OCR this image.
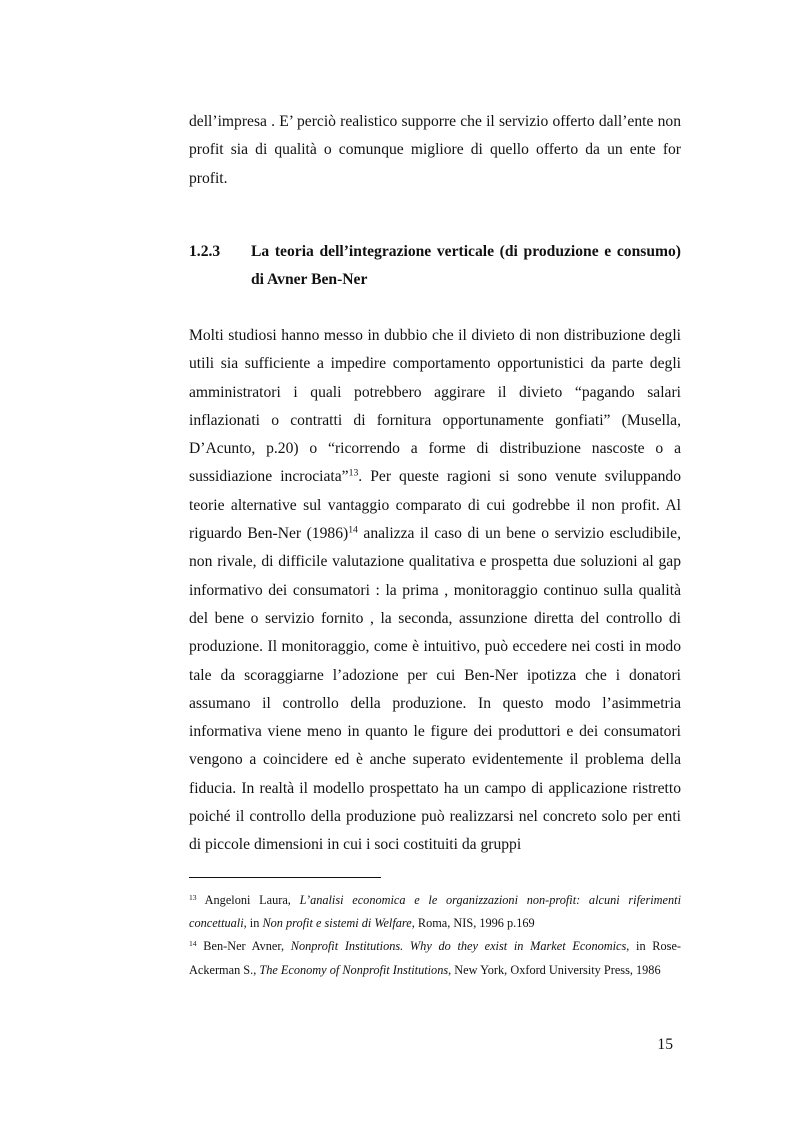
dell’impresa . E’ perciò realistico supporre che il servizio offerto dall’ente non profit sia di qualità o comunque migliore di quello offerto da un ente for profit.

1.2.3 La teoria dell’integrazione verticale (di produzione e consumo) di Avner Ben-Ner

Molti studiosi hanno messo in dubbio che il divieto di non distribuzione degli utili sia sufficiente a impedire comportamento opportunistici da parte degli amministratori i quali potrebbero aggirare il divieto “pagando salari inflazionati o contratti di fornitura opportunamente gonfiati” (Musella, D’Acunto, p.20) o “ricorrendo a forme di distribuzione nascoste o a sussidiazione incrociata”$^{13}$. Per queste ragioni si sono venute sviluppando teorie alternative sul vantaggio comparato di cui godrebbe il non profit. Al riguardo Ben-Ner $(1986)^{14}$ analizza il caso di un bene o servizio escludibile, non rivale, di difficile valutazione qualitativa e prospetta due soluzioni al gap informativo dei consumatori : la prima , monitoraggio continuo sulla qualità del bene o servizio fornito , la seconda, assunzione diretta del controllo di produzione. Il monitoraggio, come è intuitivo, può eccedere nei costi in modo tale da scoraggiarne l’adozione per cui Ben-Ner ipotizza che i donatori assumano il controllo della produzione. In questo modo l’asimmetria informativa viene meno in quanto le figure dei produttori e dei consumatori vengono a coincidere ed è anche superato evidentemente il problema della fiducia. In realtà il modello prospettato ha un campo di applicazione ristretto poiché il controllo della produzione può realizzarsi nel concreto solo per enti di piccole dimensioni in cui i soci costituiti da gruppi

$^{13}$ Angeloni Laura, L’analisi economica e le organizzazioni non-profit: alcuni riferimenti concettuali, in Non profit e sistemi di Welfare, Roma, NIS, 1996 p.169

$^{14}$ Ben-Ner Avner, Nonprofit Institutions. Why do they exist in Market Economics, in Rose-Ackerman S., The Economy of Nonprofit Institutions, New York, Oxford University Press, 1986

15
